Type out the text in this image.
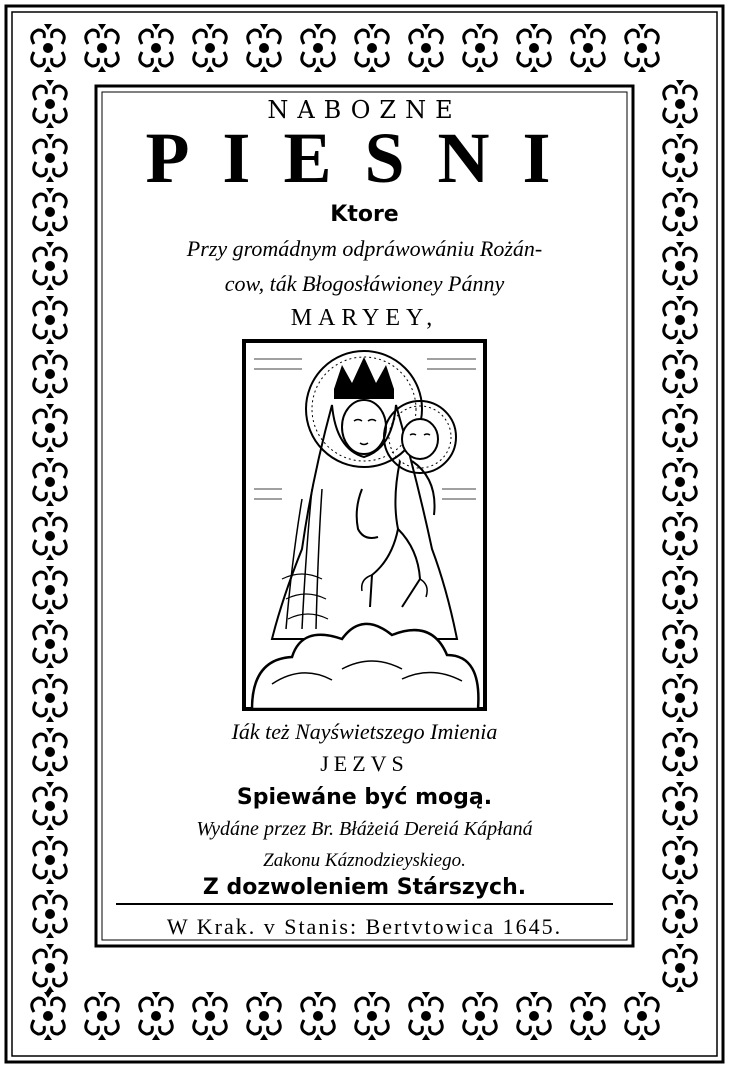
NABOZNE
PIESNI
Ktore
Przy gromádnym odpráwowániu Rożán-
cow, ták Błogosłáwioney Pánny
MARYEY,
Iák też Nayświetszego Imienia
JEZVS
Spiewáne być mogą.
Wydáne przez Br. Błáżeiá Dereiá Kápłaná
Zakonu Káznodzieyskiego.
Z dozwoleniem Stárszych.
W Krak. v Stanis: Bertvtowica 1645.
